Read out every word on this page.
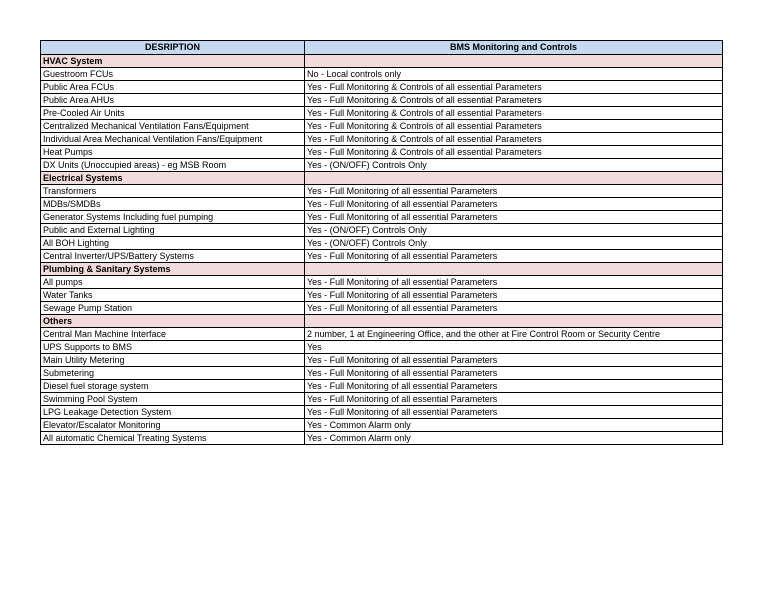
DESRIPTION	BMS Monitoring and Controls
HVAC System	
Guestroom FCUs	No - Local controls only
Public Area FCUs	Yes - Full Monitoring & Controls of all essential Parameters
Public Area AHUs	Yes - Full Monitoring & Controls of all essential Parameters
Pre-Cooled Air Units	Yes - Full Monitoring & Controls of all essential Parameters
Centralized Mechanical Ventilation Fans/Equipment	Yes - Full Monitoring & Controls of all essential Parameters
Individual Area Mechanical Ventilation Fans/Equipment	Yes - Full Monitoring & Controls of all essential Parameters
Heat Pumps	Yes - Full Monitoring & Controls of all essential Parameters
DX Units (Unoccupied areas) - eg MSB Room	Yes - (ON/OFF) Controls Only
Electrical Systems	
Transformers	Yes - Full Monitoring of all essential Parameters
MDBs/SMDBs	Yes - Full Monitoring of all essential Parameters
Generator Systems Including fuel pumping	Yes - Full Monitoring of all essential Parameters
Public and External Lighting	Yes - (ON/OFF) Controls Only
All BOH Lighting	Yes - (ON/OFF) Controls Only
Central Inverter/UPS/Battery Systems	Yes - Full Monitoring of all essential Parameters
Plumbing & Sanitary Systems	
All pumps	Yes - Full Monitoring of all essential Parameters
Water Tanks	Yes - Full Monitoring of all essential Parameters
Sewage Pump Station	Yes - Full Monitoring of all essential Parameters
Others	
Central Man Machine Interface	2 number, 1 at Engineering Office, and the other at Fire Control Room or Security Centre
UPS Supports to BMS	Yes
Main Utility Metering	Yes - Full Monitoring of all essential Parameters
Submetering	Yes - Full Monitoring of all essential Parameters
Diesel fuel storage system	Yes - Full Monitoring of all essential Parameters
Swimming Pool System	Yes - Full Monitoring of all essential Parameters
LPG Leakage Detection System	Yes - Full Monitoring of all essential Parameters
Elevator/Escalator Monitoring	Yes - Common Alarm only
All automatic Chemical Treating Systems	Yes - Common Alarm only
